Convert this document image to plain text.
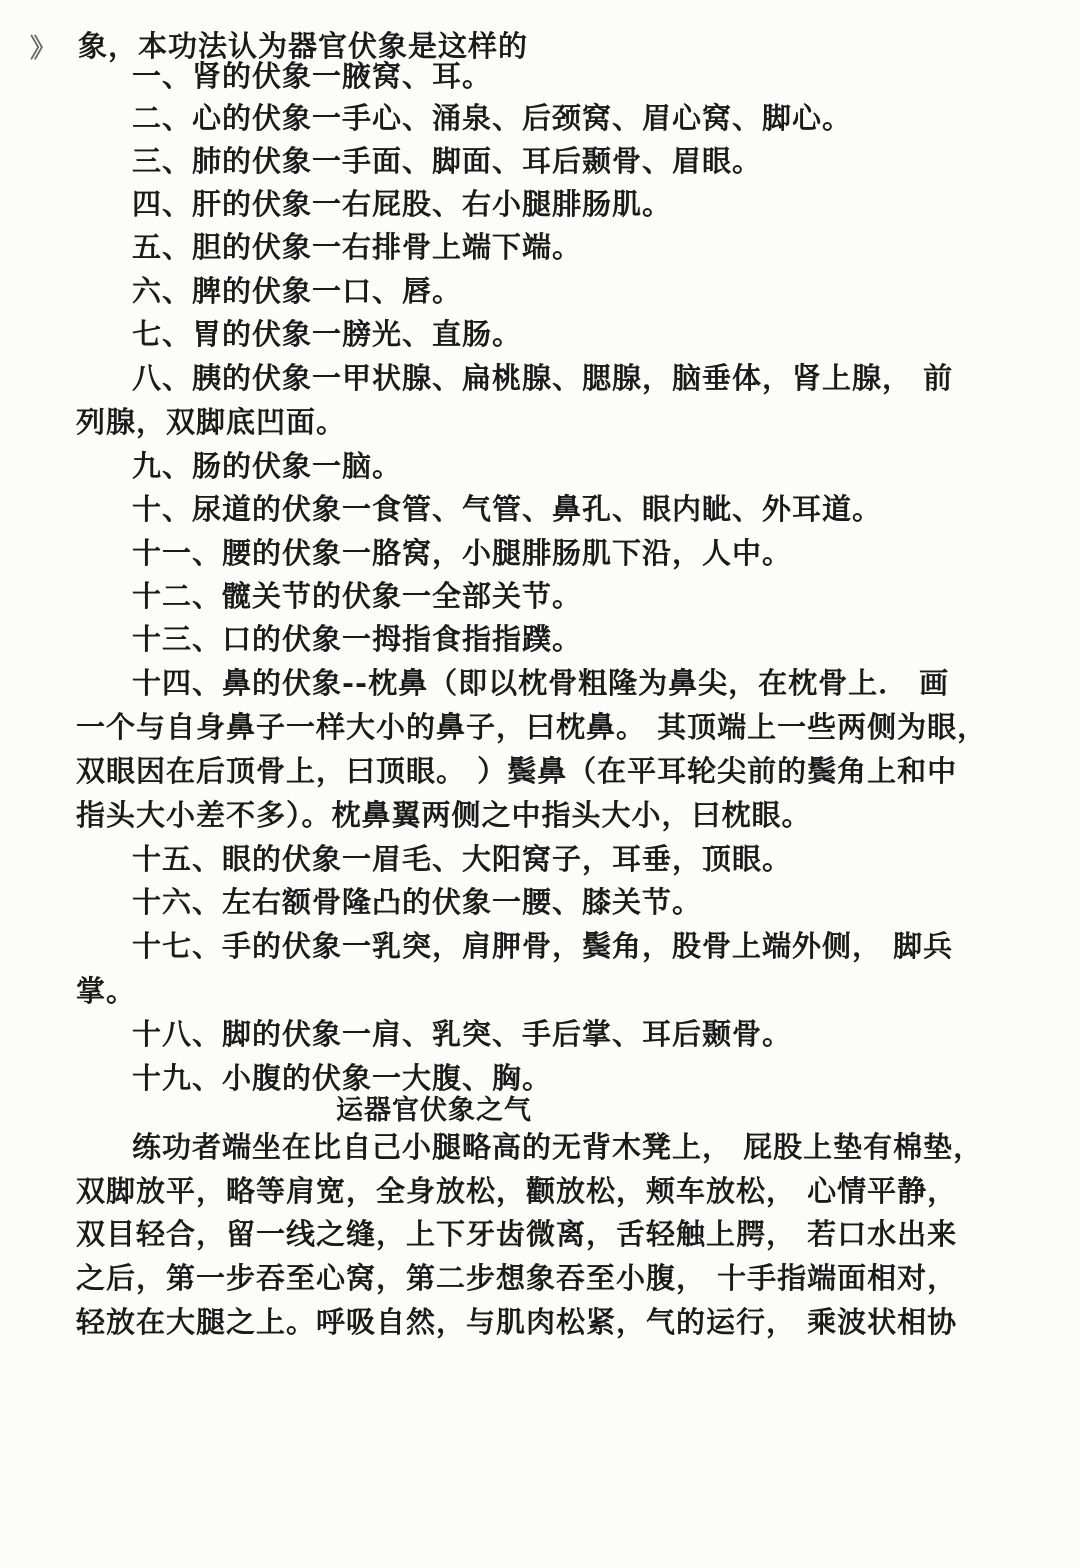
》 象，本功法认为器官伏象是这样的
一、肾的伏象一腋窝、耳。
二、心的伏象一手心、涌泉、后颈窝、眉心窝、脚心。
三、肺的伏象一手面、脚面、耳后颞骨、眉眼。
四、肝的伏象一右屁股、右小腿腓肠肌。
五、胆的伏象一右排骨上端下端。
六、脾的伏象一口、唇。
七、胃的伏象一膀光、直肠。
八、胰的伏象一甲状腺、扁桃腺、腮腺，脑垂体，肾上腺， 前
列腺，双脚底凹面。
九、肠的伏象一脑。
十、尿道的伏象一食管、气管、鼻孔、眼内眦、外耳道。
十一、腰的伏象一胳窝，小腿腓肠肌下沿，人中。
十二、髋关节的伏象一全部关节。
十三、口的伏象一拇指食指指蹼。
十四、鼻的伏象--枕鼻（即以枕骨粗隆为鼻尖，在枕骨上． 画
一个与自身鼻子一样大小的鼻子，曰枕鼻。 其顶端上一些两侧为眼，
双眼因在后顶骨上，曰顶眼。 ）鬓鼻（在平耳轮尖前的鬓角上和中
指头大小差不多）。枕鼻翼两侧之中指头大小，曰枕眼。
十五、眼的伏象一眉毛、大阳窝子，耳垂，顶眼。
十六、左右额骨隆凸的伏象一腰、膝关节。
十七、手的伏象一乳突，肩胛骨，鬓角，股骨上端外侧， 脚兵
掌。
十八、脚的伏象一肩、乳突、手后掌、耳后颞骨。
十九、小腹的伏象一大腹、胸。
运器官伏象之气
练功者端坐在比自己小腿略高的无背木凳上， 屁股上垫有棉垫，
双脚放平，略等肩宽，全身放松，颧放松，颊车放松， 心情平静，
双目轻合，留一线之缝，上下牙齿微离，舌轻触上腭， 若口水出来
之后，第一步吞至心窝，第二步想象吞至小腹， 十手指端面相对，
轻放在大腿之上。呼吸自然，与肌肉松紧，气的运行， 乘波状相协
